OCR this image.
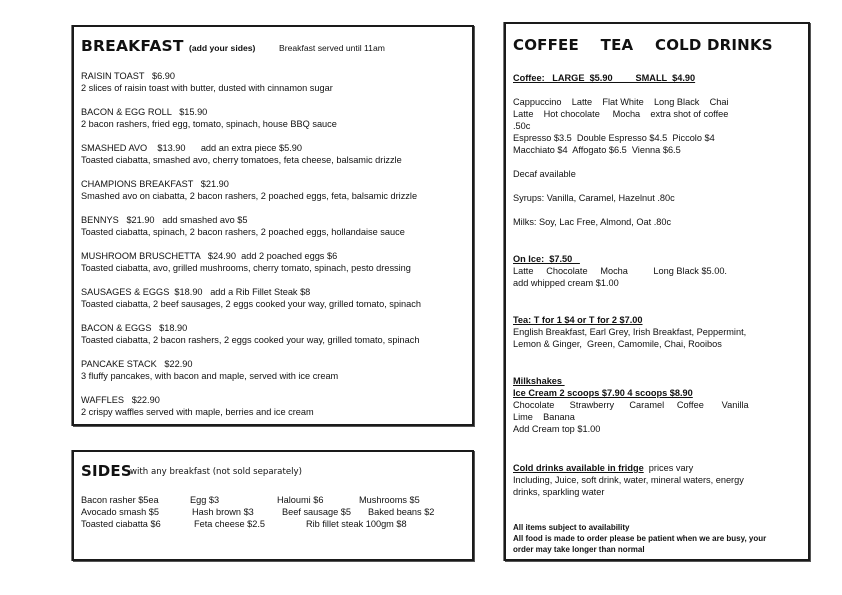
BREAKFAST (add your sides)	Breakfast served until 11am
RAISIN TOAST   $6.90
2 slices of raisin toast with butter, dusted with cinnamon sugar
BACON & EGG ROLL   $15.90
2 bacon rashers, fried egg, tomato, spinach, house BBQ sauce
SMASHED AVO    $13.90      add an extra piece $5.90
Toasted ciabatta, smashed avo, cherry tomatoes, feta cheese, balsamic drizzle
CHAMPIONS BREAKFAST   $21.90
Smashed avo on ciabatta, 2 bacon rashers, 2 poached eggs, feta, balsamic drizzle
BENNYS   $21.90   add smashed avo $5
Toasted ciabatta, spinach, 2 bacon rashers, 2 poached eggs, hollandaise sauce
MUSHROOM BRUSCHETTA   $24.90  add 2 poached eggs $6
Toasted ciabatta, avo, grilled mushrooms, cherry tomato, spinach, pesto dressing
SAUSAGES & EGGS  $18.90   add a Rib Fillet Steak $8
Toasted ciabatta, 2 beef sausages, 2 eggs cooked your way, grilled tomato, spinach
BACON & EGGS   $18.90
Toasted ciabatta, 2 bacon rashers, 2 eggs cooked your way, grilled tomato, spinach
PANCAKE STACK   $22.90
3 fluffy pancakes, with bacon and maple, served with ice cream
WAFFLES   $22.90
2 crispy waffles served with maple, berries and ice cream
SIDES
with any breakfast (not sold separately)
Bacon rasher $5ea	Egg $3	Haloumi $6	Mushrooms $5
Avocado smash $5	Hash brown $3	Beef sausage $5 Baked beans $2
Toasted ciabatta $6	Feta cheese $2.5	Rib fillet steak 100gm $8
COFFEE    TEA    COLD DRINKS
Coffee:   LARGE  $5.90         SMALL  $4.90
Cappuccino    Latte    Flat White    Long Black    Chai
Latte    Hot chocolate     Mocha    extra shot of coffee
.50c
Espresso $3.5  Double Espresso $4.5  Piccolo $4
Macchiato $4  Affogato $6.5  Vienna $6.5
Decaf available
Syrups: Vanilla, Caramel, Hazelnut .80c
Milks: Soy, Lac Free, Almond, Oat .80c
On Ice:  $7.50
Latte     Chocolate     Mocha          Long Black $5.00.
add whipped cream $1.00
Tea: T for 1 $4 or T for 2 $7.00
English Breakfast, Earl Grey, Irish Breakfast, Peppermint,
Lemon & Ginger,  Green, Camomile, Chai, Rooibos
Milkshakes
Ice Cream 2 scoops $7.90 4 scoops $8.90
Chocolate      Strawberry      Caramel     Coffee       Vanilla
Lime    Banana
Add Cream top $1.00
Cold drinks available in fridge  prices vary
Including, Juice, soft drink, water, mineral waters, energy
drinks, sparkling water
All items subject to availability
All food is made to order please be patient when we are busy, your
order may take longer than normal
